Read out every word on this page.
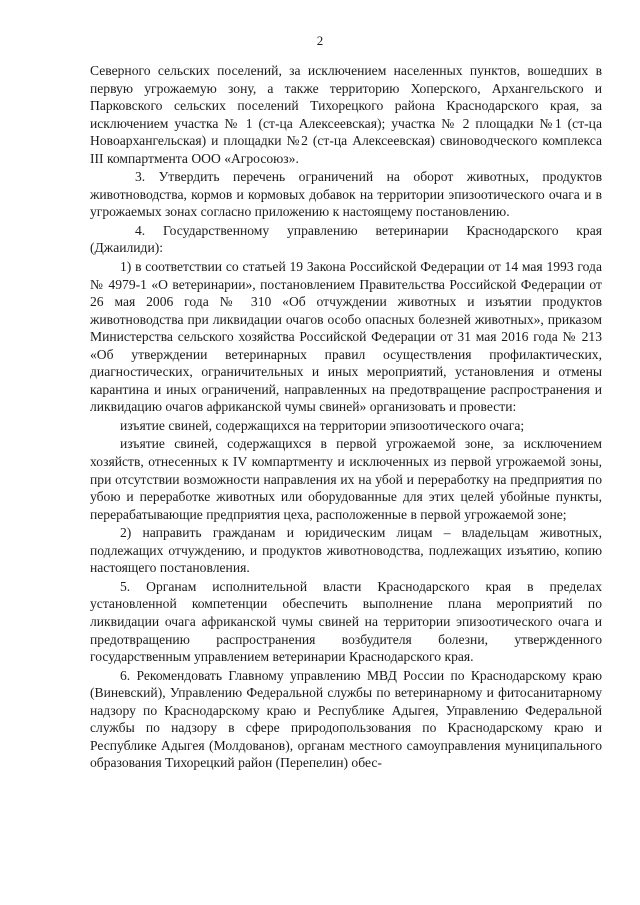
2

Северного сельских поселений, за исключением населенных пунктов, вошедших в первую угрожаемую зону, а также территорию Хоперского, Архангельского и Парковского сельских поселений Тихорецкого района Краснодарского края, за исключением участка № 1 (ст-ца Алексеевская); участка № 2 площадки №1 (ст-ца Новоархангельская) и площадки №2 (ст-ца Алексеевская) свиноводческого комплекса III компартмента ООО «Агросоюз».

3. Утвердить перечень ограничений на оборот животных, продуктов животноводства, кормов и кормовых добавок на территории эпизоотического очага и в угрожаемых зонах согласно приложению к настоящему постановлению.

4. Государственному управлению ветеринарии Краснодарского края (Джаилиди):

1) в соответствии со статьей 19 Закона Российской Федерации от 14 мая 1993 года № 4979-1 «О ветеринарии», постановлением Правительства Российской Федерации от 26 мая 2006 года № 310 «Об отчуждении животных и изъятии продуктов животноводства при ликвидации очагов особо опасных болезней животных», приказом Министерства сельского хозяйства Российской Федерации от 31 мая 2016 года № 213 «Об утверждении ветеринарных правил осуществления профилактических, диагностических, ограничительных и иных мероприятий, установления и отмены карантина и иных ограничений, направленных на предотвращение распространения и ликвидацию очагов африканской чумы свиней» организовать и провести:

изъятие свиней, содержащихся на территории эпизоотического очага;

изъятие свиней, содержащихся в первой угрожаемой зоне, за исключением хозяйств, отнесенных к IV компартменту и исключенных из первой угрожаемой зоны, при отсутствии возможности направления их на убой и переработку на предприятия по убою и переработке животных или оборудованные для этих целей убойные пункты, перерабатывающие предприятия цеха, расположенные в первой угрожаемой зоне;

2) направить гражданам и юридическим лицам – владельцам животных, подлежащих отчуждению, и продуктов животноводства, подлежащих изъятию, копию настоящего постановления.

5. Органам исполнительной власти Краснодарского края в пределах установленной компетенции обеспечить выполнение плана мероприятий по ликвидации очага африканской чумы свиней на территории эпизоотического очага и предотвращению распространения возбудителя болезни, утвержденного государственным управлением ветеринарии Краснодарского края.

6. Рекомендовать Главному управлению МВД России по Краснодарскому краю (Виневский), Управлению Федеральной службы по ветеринарному и фитосанитарному надзору по Краснодарскому краю и Республике Адыгея, Управлению Федеральной службы по надзору в сфере природопользования по Краснодарскому краю и Республике Адыгея (Молдованов), органам местного самоуправления муниципального образования Тихорецкий район (Перепелин) обес-
